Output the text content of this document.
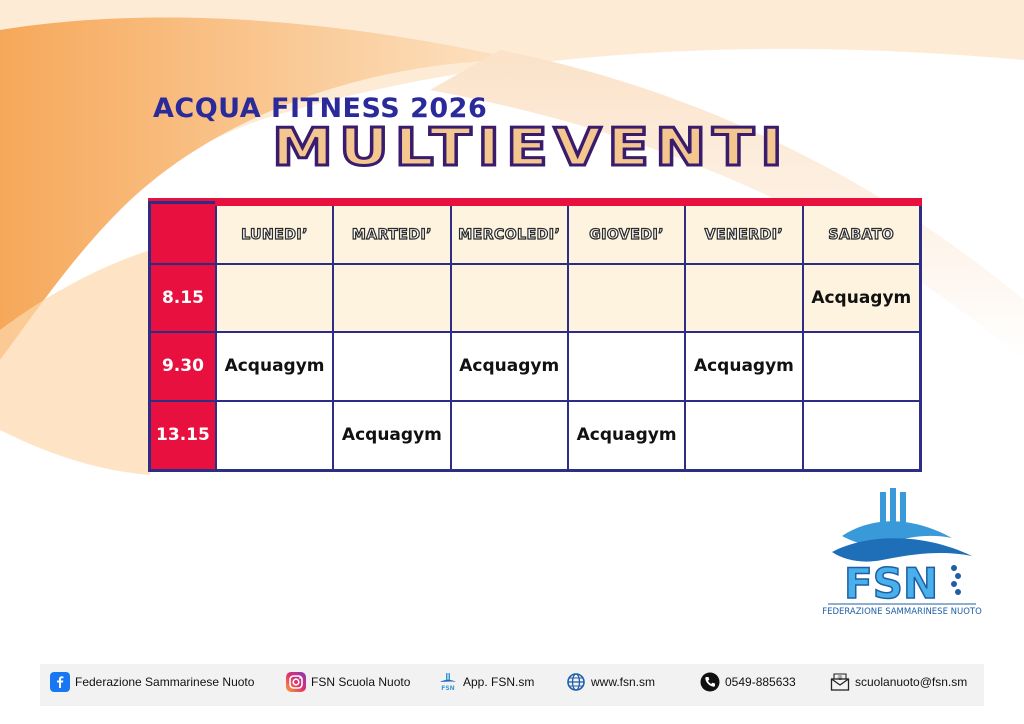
ACQUA FITNESS 2026
MULTIEVENTI
	LUNEDI’	MARTEDI’	MERCOLEDI’	GIOVEDI’	VENERDI’	SABATO
8.15						Acquagym
9.30	Acquagym		Acquagym		Acquagym	
13.15		Acquagym		Acquagym		
FSN
FEDERAZIONE SAMMARINESE NUOTO
Federazione Sammarinese Nuoto	FSN Scuola Nuoto	FSN App. FSN.sm	www.fsn.sm	0549-885633	@ scuolanuoto@fsn.sm
